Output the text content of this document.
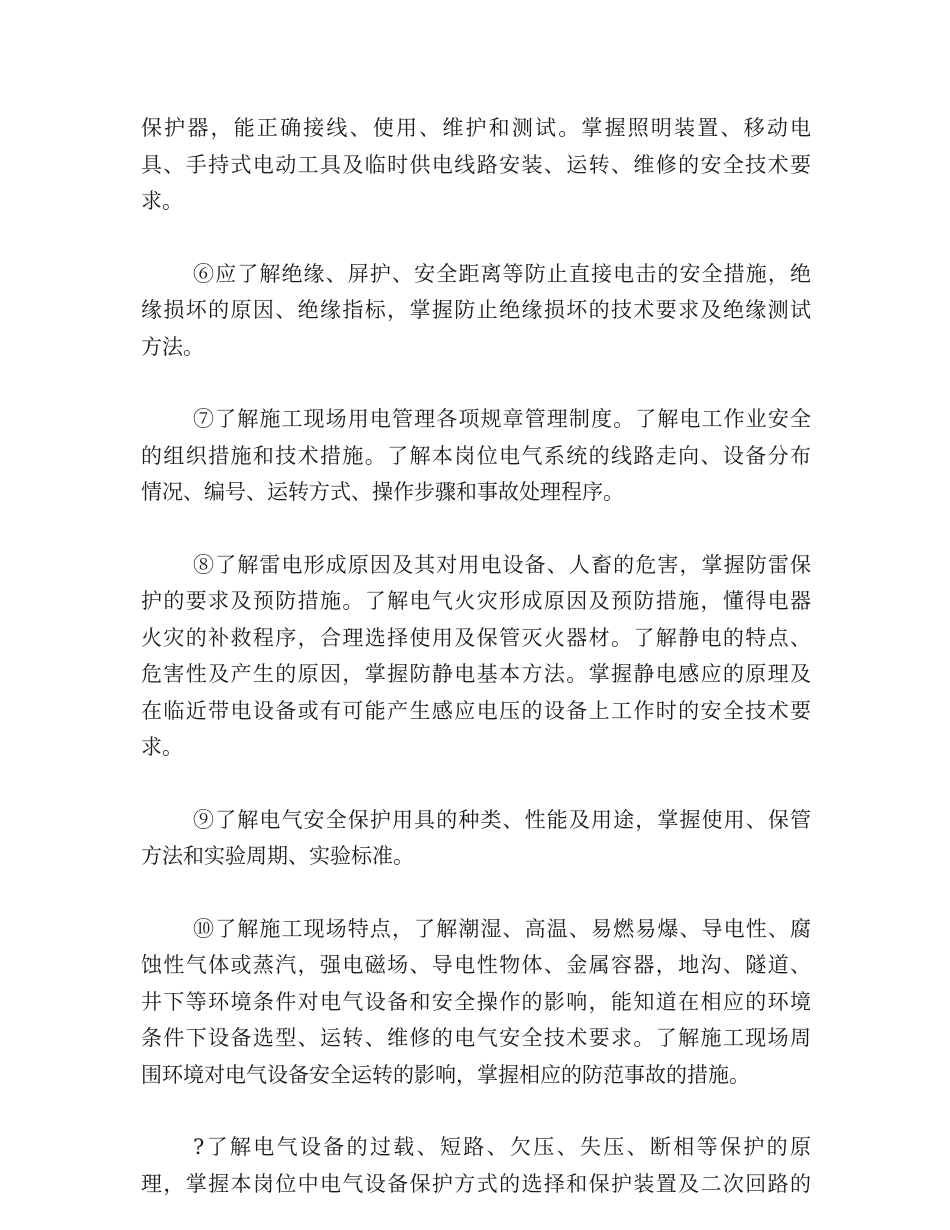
保护器，能正确接线、使用、维护和测试。掌握照明装置、移动电
具、手持式电动工具及临时供电线路安装、运转、维修的安全技术要
求。
⑥应了解绝缘、屏护、安全距离等防止直接电击的安全措施，绝
缘损坏的原因、绝缘指标，掌握防止绝缘损坏的技术要求及绝缘测试
方法。
⑦了解施工现场用电管理各项规章管理制度。了解电工作业安全
的组织措施和技术措施。了解本岗位电气系统的线路走向、设备分布
情况、编号、运转方式、操作步骤和事故处理程序。
⑧了解雷电形成原因及其对用电设备、人畜的危害，掌握防雷保
护的要求及预防措施。了解电气火灾形成原因及预防措施，懂得电器
火灾的补救程序，合理选择使用及保管灭火器材。了解静电的特点、
危害性及产生的原因，掌握防静电基本方法。掌握静电感应的原理及
在临近带电设备或有可能产生感应电压的设备上工作时的安全技术要
求。
⑨了解电气安全保护用具的种类、性能及用途，掌握使用、保管
方法和实验周期、实验标准。
⑩了解施工现场特点，了解潮湿、高温、易燃易爆、导电性、腐
蚀性气体或蒸汽，强电磁场、导电性物体、金属容器，地沟、隧道、
井下等环境条件对电气设备和安全操作的影响，能知道在相应的环境
条件下设备选型、运转、维修的电气安全技术要求。了解施工现场周
围环境对电气设备安全运转的影响，掌握相应的防范事故的措施。
?了解电气设备的过载、短路、欠压、失压、断相等保护的原
理，掌握本岗位中电气设备保护方式的选择和保护装置及二次回路的
